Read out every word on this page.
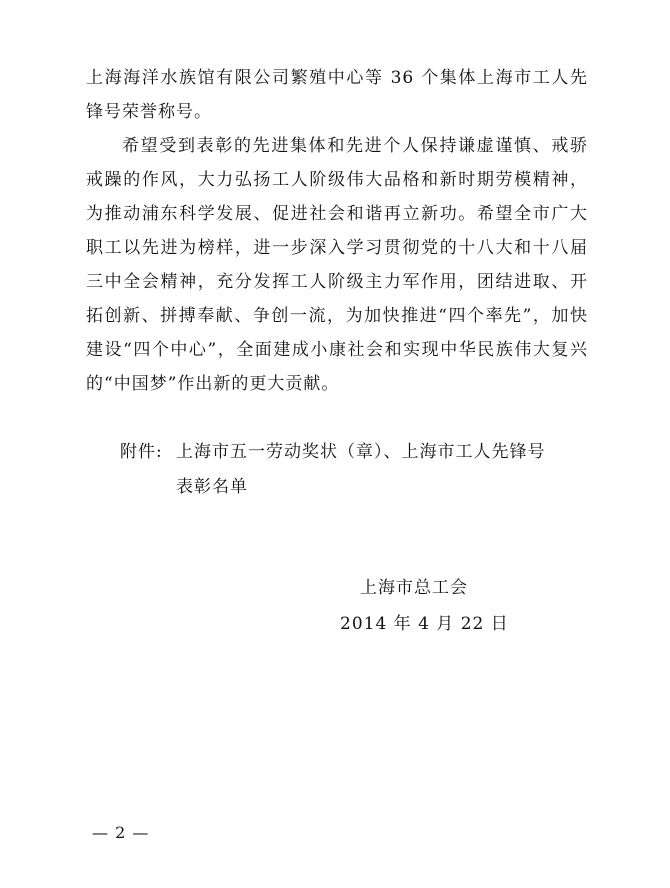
上海海洋水族馆有限公司繁殖中心等 36 个集体上海市工人先锋号荣誉称号。

希望受到表彰的先进集体和先进个人保持谦虚谨慎、戒骄戒躁的作风，大力弘扬工人阶级伟大品格和新时期劳模精神，为推动浦东科学发展、促进社会和谐再立新功。希望全市广大职工以先进为榜样，进一步深入学习贯彻党的十八大和十八届三中全会精神，充分发挥工人阶级主力军作用，团结进取、开拓创新、拼搏奉献、争创一流，为加快推进“四个率先”，加快建设“四个中心”，全面建成小康社会和实现中华民族伟大复兴的“中国梦”作出新的更大贡献。

附件: 上海市五一劳动奖状（章）、上海市工人先锋号
表彰名单
上海市总工会
2014 年 4 月 22 日
— 2 —
